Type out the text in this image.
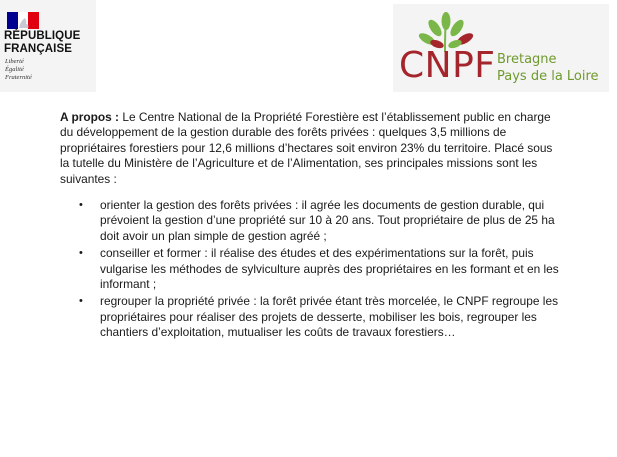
RÉPUBLIQUE
FRANÇAISE
Liberté
Égalité
Fraternité	CNPF Bretagne
Pays de la Loire

A propos : Le Centre National de la Propriété Forestière est l’établissement public en charge du développement de la gestion durable des forêts privées : quelques 3,5 millions de propriétaires forestiers pour 12,6 millions d’hectares soit environ 23% du territoire. Placé sous la tutelle du Ministère de l’Agriculture et de l’Alimentation, ses principales missions sont les suivantes :

• orienter la gestion des forêts privées : il agrée les documents de gestion durable, qui prévoient la gestion d’une propriété sur 10 à 20 ans. Tout propriétaire de plus de 25 ha doit avoir un plan simple de gestion agréé ;
• conseiller et former : il réalise des études et des expérimentations sur la forêt, puis vulgarise les méthodes de sylviculture auprès des propriétaires en les formant et en les informant ;
• regrouper la propriété privée : la forêt privée étant très morcelée, le CNPF regroupe les propriétaires pour réaliser des projets de desserte, mobiliser les bois, regrouper les chantiers d’exploitation, mutualiser les coûts de travaux forestiers…
